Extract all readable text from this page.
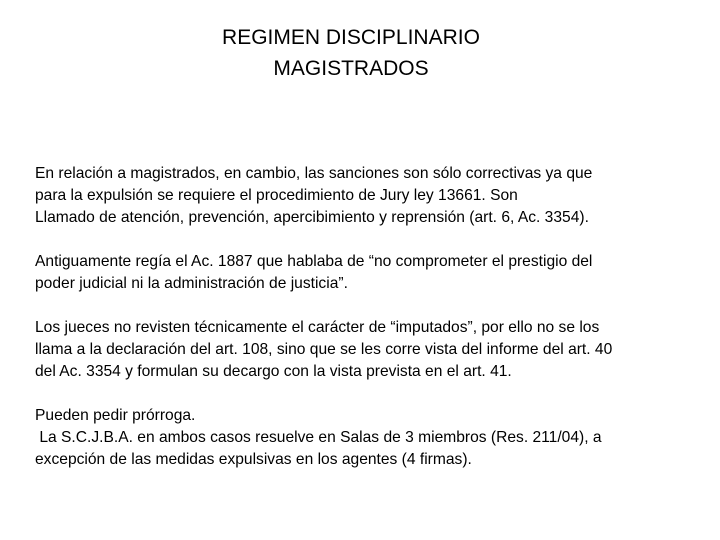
REGIMEN DISCIPLINARIO
MAGISTRADOS
En relación a magistrados, en cambio, las sanciones son sólo correctivas ya que
para la expulsión se requiere el procedimiento de Jury ley 13661. Son
Llamado de atención, prevención, apercibimiento y reprensión (art. 6, Ac. 3354).
Antiguamente regía el Ac. 1887 que hablaba de “no comprometer el prestigio del
poder judicial ni la administración de justicia”.
Los jueces no revisten técnicamente el carácter de “imputados”, por ello no se los
llama a la declaración del art. 108, sino que se les corre vista del informe del art. 40
del Ac. 3354 y formulan su decargo con la vista prevista en el art. 41.
Pueden pedir prórroga.
La S.C.J.B.A. en ambos casos resuelve en Salas de 3 miembros (Res. 211/04), a
excepción de las medidas expulsivas en los agentes (4 firmas).
